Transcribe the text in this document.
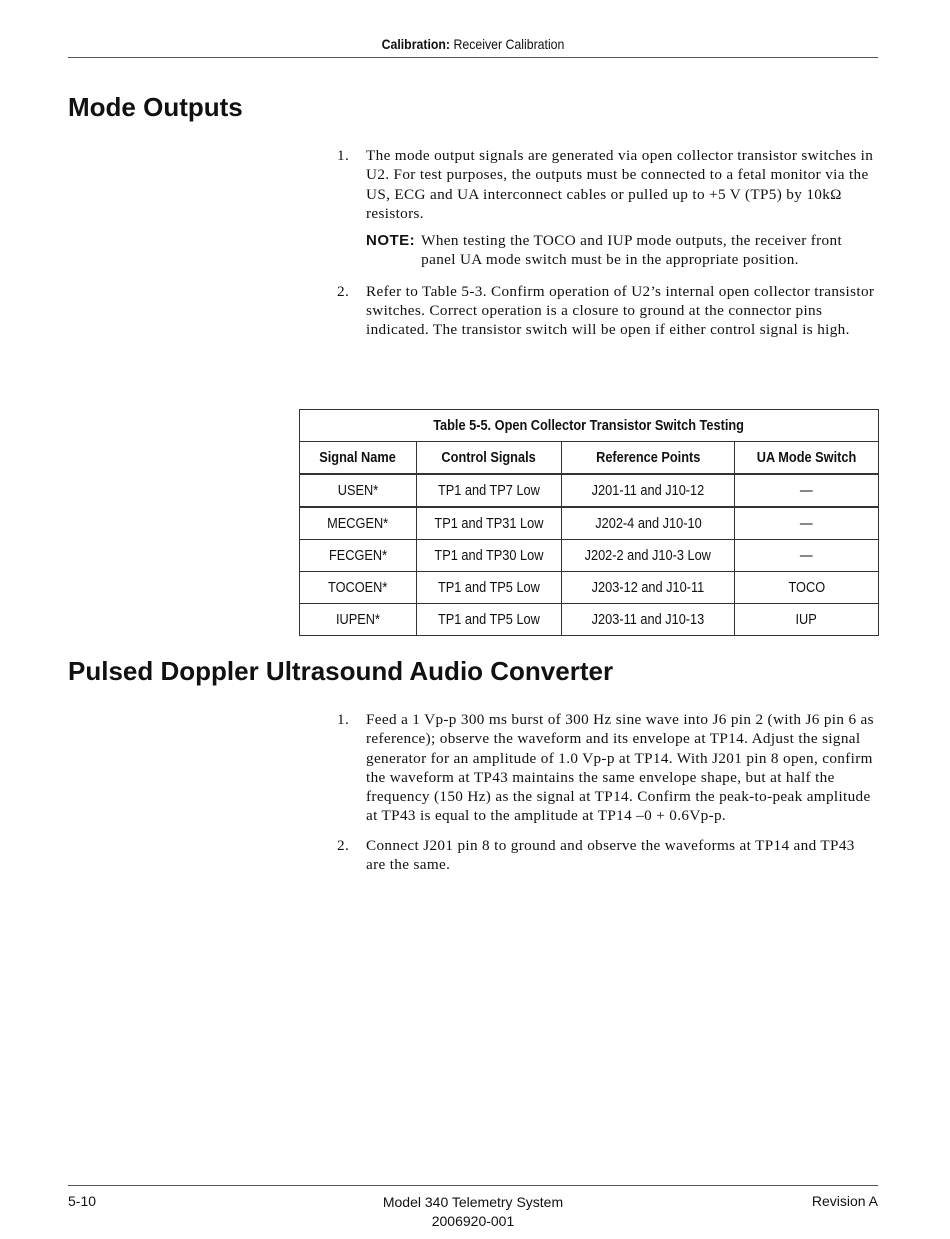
Calibration: Receiver Calibration
Mode Outputs
1.	The mode output signals are generated via open collector transistor switches in U2. For test purposes, the outputs must be connected to a fetal monitor via the US, ECG and UA interconnect cables or pulled up to +5 V (TP5) by 10kΩ resistors.
NOTE: When testing the TOCO and IUP mode outputs, the receiver front panel UA mode switch must be in the appropriate position.
2.	Refer to Table 5-3. Confirm operation of U2’s internal open collector transistor switches. Correct operation is a closure to ground at the connector pins indicated. The transistor switch will be open if either control signal is high.
Table 5-5. Open Collector Transistor Switch Testing			
Signal Name	Control Signals	Reference Points	UA Mode Switch
USEN*	TP1 and TP7 Low	J201-11 and J10-12	—
MECGEN*	TP1 and TP31 Low	J202-4 and J10-10	—
FECGEN*	TP1 and TP30 Low	J202-2 and J10-3 Low	—
TOCOEN*	TP1 and TP5 Low	J203-12 and J10-11	TOCO
IUPEN*	TP1 and TP5 Low	J203-11 and J10-13	IUP
Pulsed Doppler Ultrasound Audio Converter
1.	Feed a 1 Vp-p 300 ms burst of 300 Hz sine wave into J6 pin 2 (with J6 pin 6 as reference); observe the waveform and its envelope at TP14. Adjust the signal generator for an amplitude of 1.0 Vp-p at TP14. With J201 pin 8 open, confirm the waveform at TP43 maintains the same envelope shape, but at half the frequency (150 Hz) as the signal at TP14. Confirm the peak-to-peak amplitude at TP43 is equal to the amplitude at TP14 –0 + 0.6Vp-p.
2.	Connect J201 pin 8 to ground and observe the waveforms at TP14 and TP43 are the same.
5-10	Model 340 Telemetry System
2006920-001
Revision A
